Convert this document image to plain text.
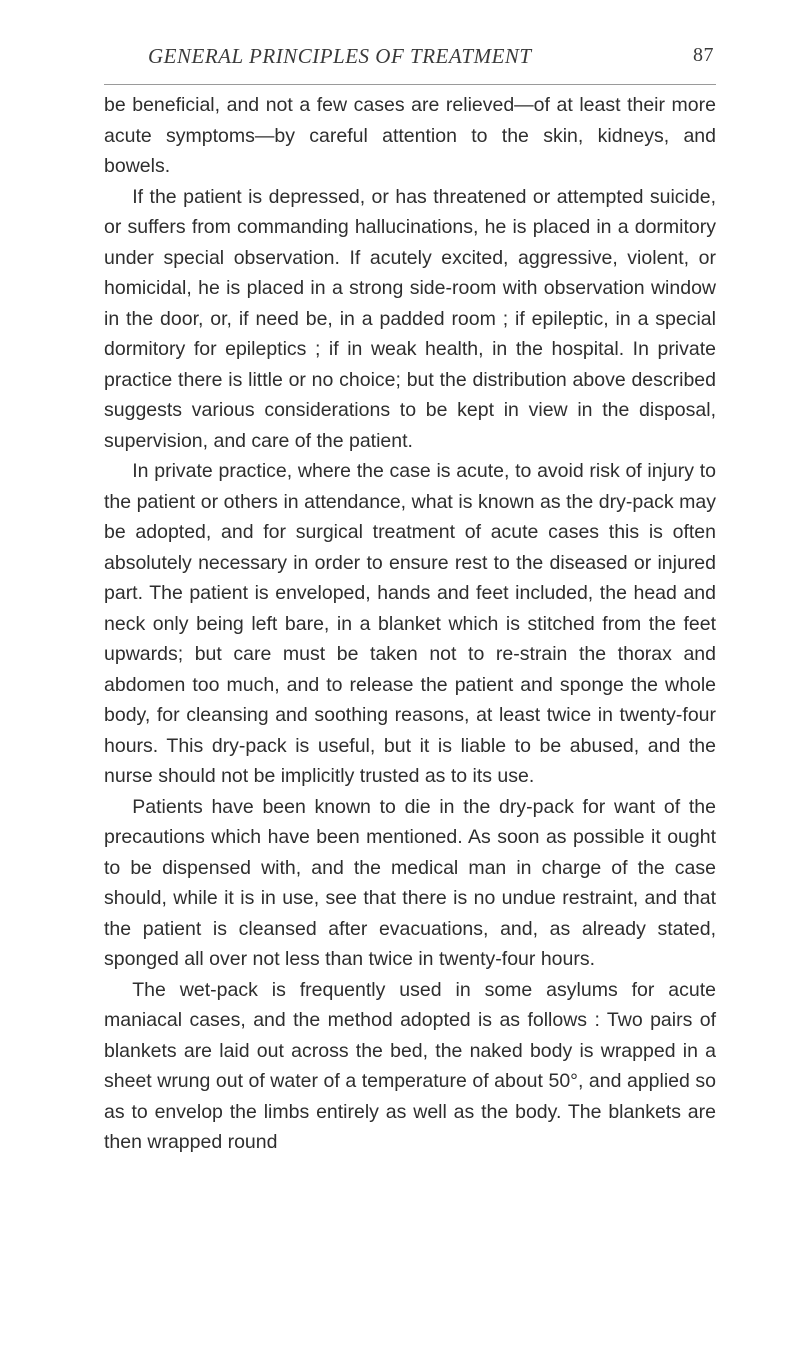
GENERAL PRINCIPLES OF TREATMENT	87

be beneficial, and not a few cases are relieved—of at least their more acute symptoms—by careful attention to the skin, kidneys, and bowels.

If the patient is depressed, or has threatened or attempted suicide, or suffers from commanding hallucinations, he is placed in a dormitory under special observation. If acutely excited, aggressive, violent, or homicidal, he is placed in a strong side-room with observation window in the door, or, if need be, in a padded room ; if epileptic, in a special dormitory for epileptics ; if in weak health, in the hospital. In private practice there is little or no choice; but the distribution above described suggests various considerations to be kept in view in the disposal, supervision, and care of the patient.

In private practice, where the case is acute, to avoid risk of injury to the patient or others in attendance, what is known as the dry-pack may be adopted, and for surgical treatment of acute cases this is often absolutely necessary in order to ensure rest to the diseased or injured part. The patient is enveloped, hands and feet included, the head and neck only being left bare, in a blanket which is stitched from the feet upwards; but care must be taken not to re-strain the thorax and abdomen too much, and to release the patient and sponge the whole body, for cleansing and soothing reasons, at least twice in twenty-four hours. This dry-pack is useful, but it is liable to be abused, and the nurse should not be implicitly trusted as to its use.

Patients have been known to die in the dry-pack for want of the precautions which have been mentioned. As soon as possible it ought to be dispensed with, and the medical man in charge of the case should, while it is in use, see that there is no undue restraint, and that the patient is cleansed after evacuations, and, as already stated, sponged all over not less than twice in twenty-four hours.

The wet-pack is frequently used in some asylums for acute maniacal cases, and the method adopted is as follows : Two pairs of blankets are laid out across the bed, the naked body is wrapped in a sheet wrung out of water of a temperature of about 50°, and applied so as to envelop the limbs entirely as well as the body. The blankets are then wrapped round
